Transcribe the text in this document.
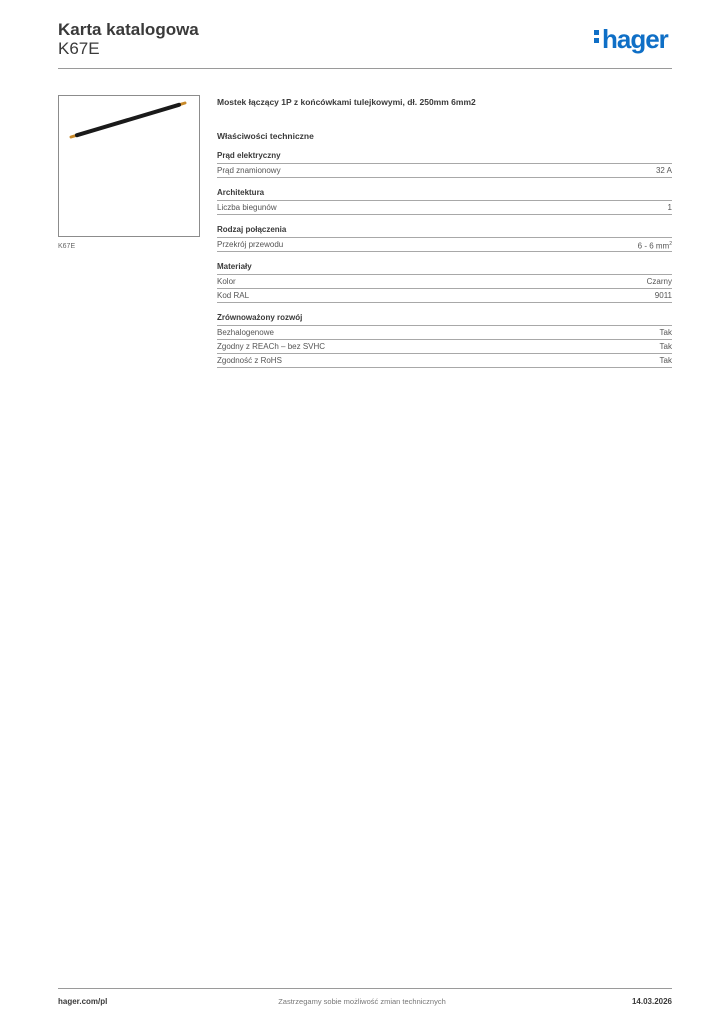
Karta katalogowa
K67E	hager
K67E
Mostek łączący 1P z końcówkami tulejkowymi, dł. 250mm 6mm2
Właściwości techniczne
Prąd elektryczny
Prąd znamionowy	32 A
Architektura
Liczba biegunów	1
Rodzaj połączenia
Przekrój przewodu	6 - 6 $mm^2$
Materiały
Kolor	Czarny
Kod RAL	9011
Zrównoważony rozwój
Bezhalogenowe	Tak
Zgodny z REACh – bez SVHC	Tak
Zgodność z RoHS	Tak
hager.com/pl	Zastrzegamy sobie możliwość zmian technicznych	14.03.2026
